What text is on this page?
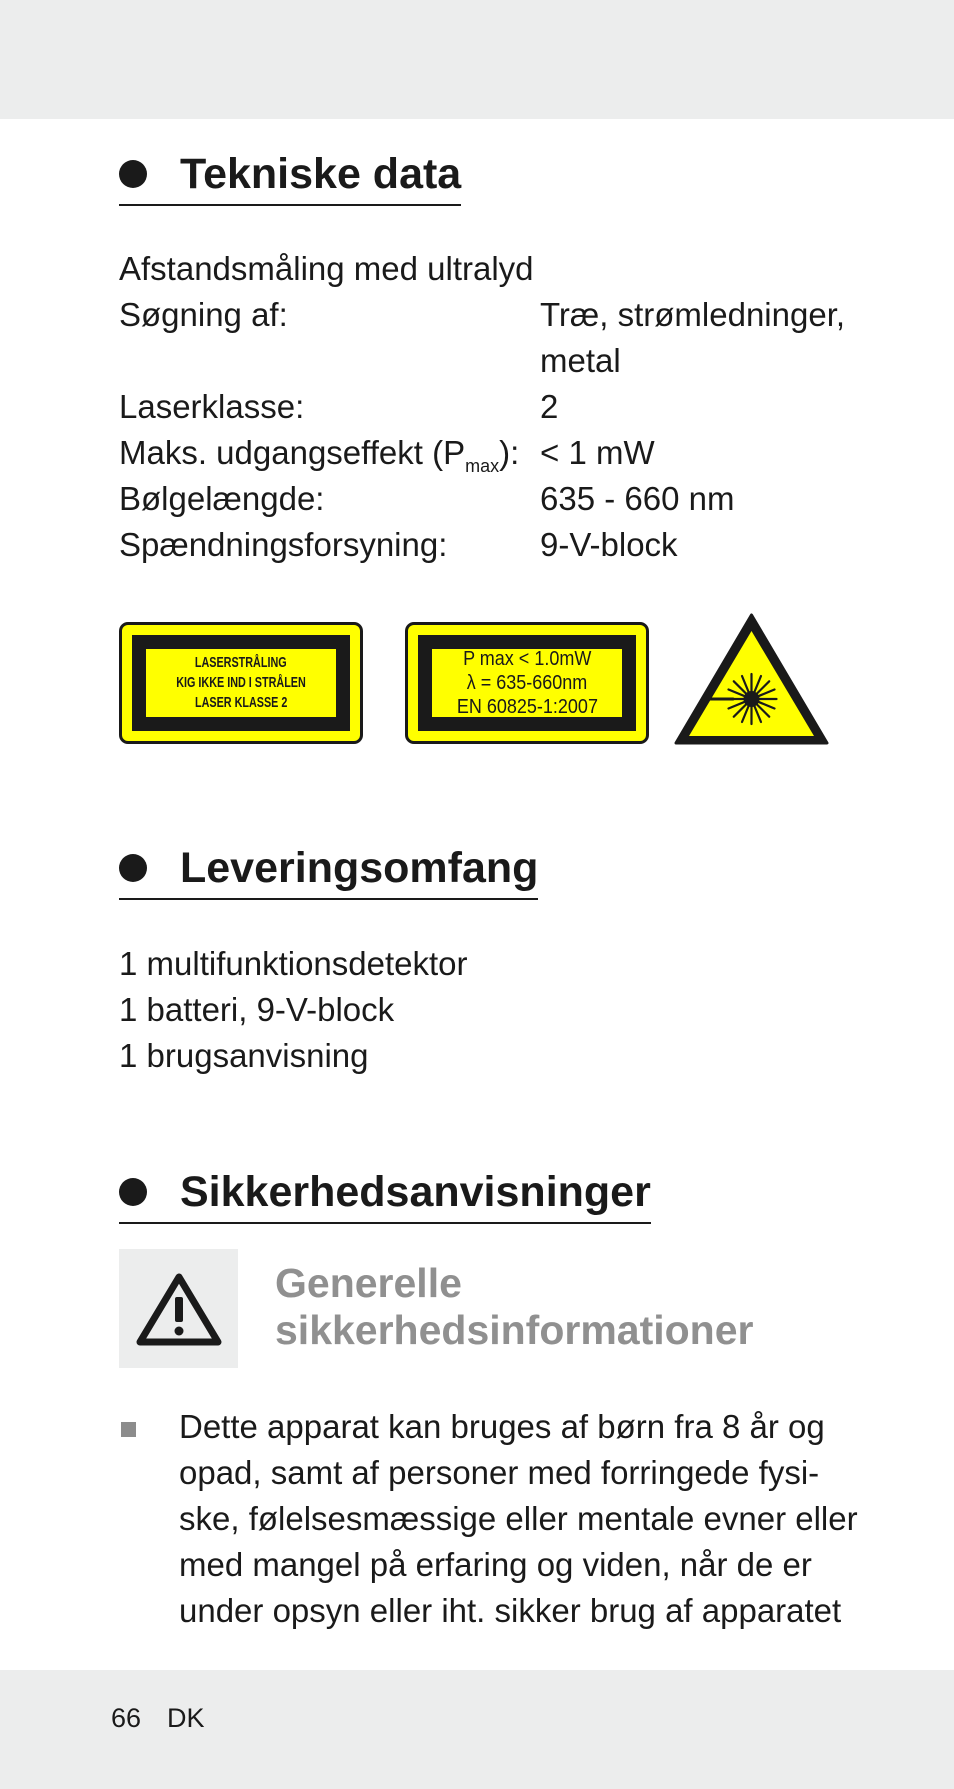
Tekniske data
Afstandsmåling med ultralyd
Søgning af:	Træ, strømledninger,
metal
Laserklasse:	2
Maks. udgangseffekt $(P_{max})$: < 1 mW
Bølgelængde:	635 - 660 nm
Spændningsforsyning:	9-V-block
LASERSTRÅLING
KIG IKKE IND I STRÅLEN
LASER KLASSE 2
P max < 1.0mW
λ = 635-660nm
EN 60825-1:2007
Leveringsomfang
1 multifunktionsdetektor
1 batteri, 9-V-block
1 brugsanvisning
Sikkerhedsanvisninger
Generelle
sikkerhedsinformationer
Dette apparat kan bruges af børn fra 8 år og
opad, samt af personer med forringede fysi-
ske, følelsesmæssige eller mentale evner eller
med mangel på erfaring og viden, når de er
under opsyn eller iht. sikker brug af apparatet
66 DK
